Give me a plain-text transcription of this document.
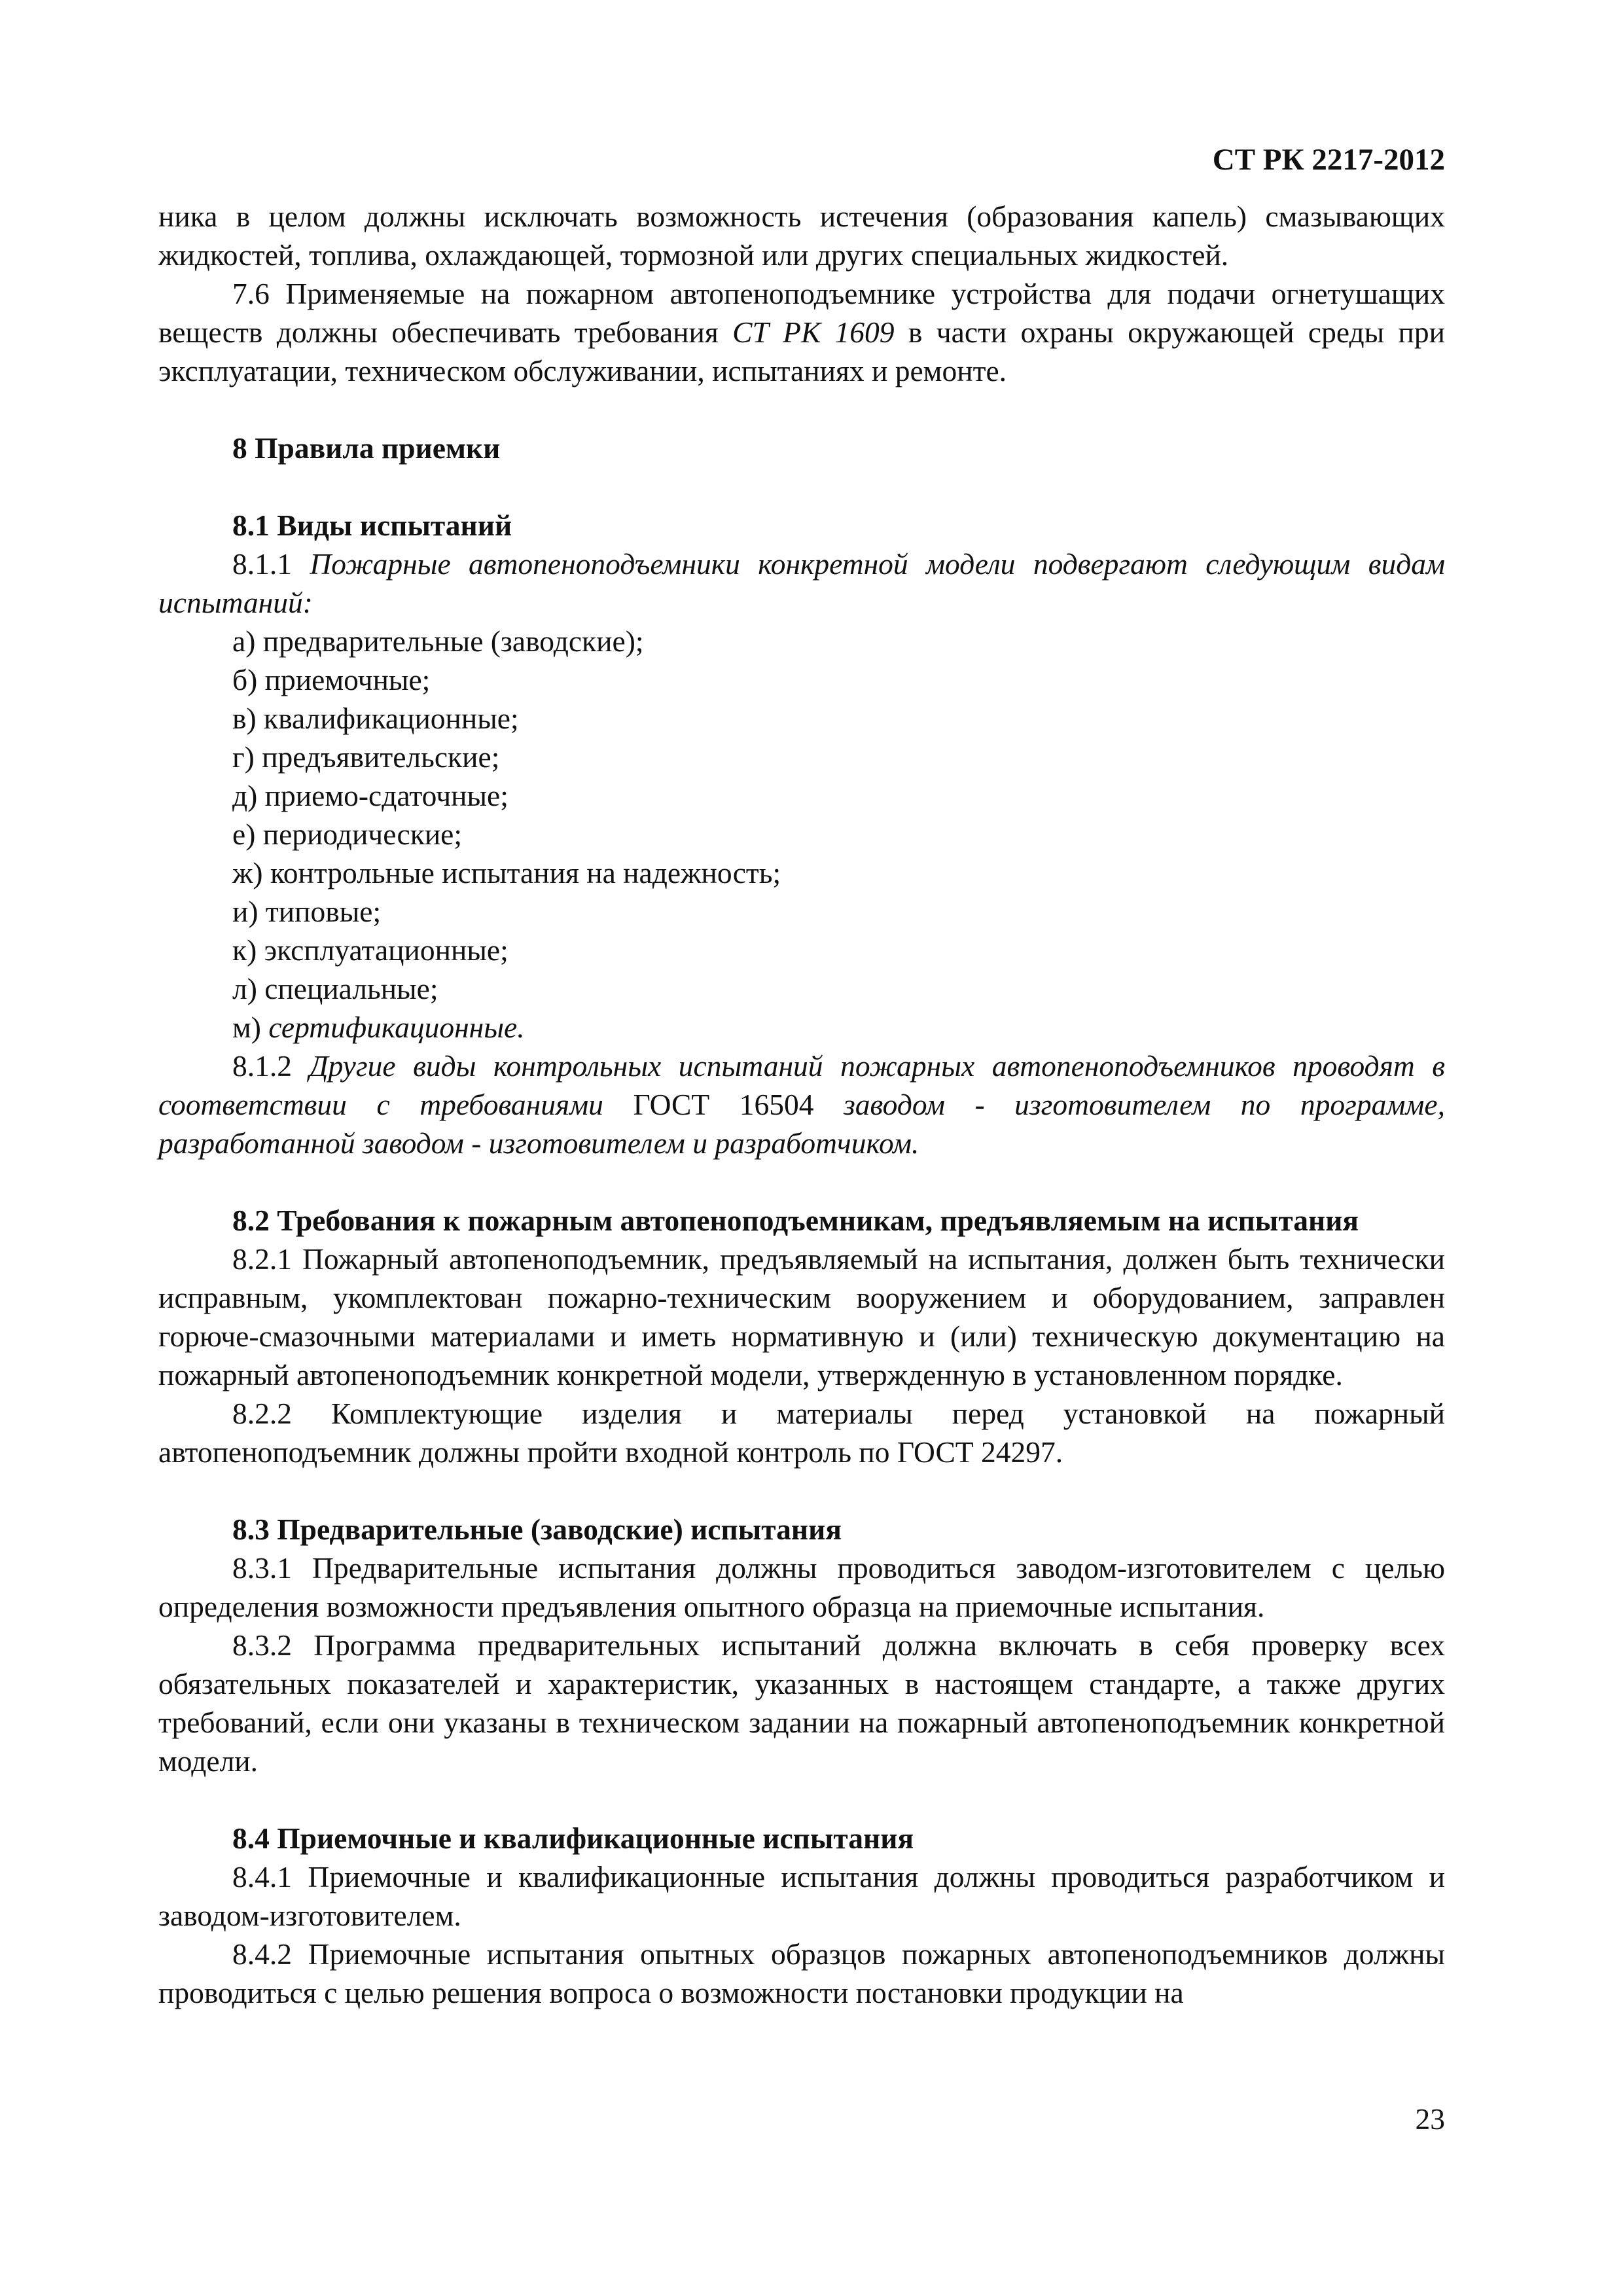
СТ РК 2217-2012

ника в целом должны исключать возможность истечения (образования капель) смазывающих жидкостей, топлива, охлаждающей, тормозной или других специальных жидкостей.

7.6 Применяемые на пожарном автопеноподъемнике устройства для подачи огнетушащих веществ должны обеспечивать требования СТ РК 1609 в части охраны окружающей среды при эксплуатации, техническом обслуживании, испытаниях и ремонте.

8 Правила приемки

8.1 Виды испытаний

8.1.1 Пожарные автопеноподъемники конкретной модели подвергают следующим видам испытаний:

а) предварительные (заводские);

б) приемочные;

в) квалификационные;

г) предъявительские;

д) приемо-сдаточные;

е) периодические;

ж) контрольные испытания на надежность;

и) типовые;

к) эксплуатационные;

л) специальные;

м) сертификационные.

8.1.2 Другие виды контрольных испытаний пожарных автопеноподъемников проводят в соответствии с требованиями ГОСТ 16504 заводом - изготовителем по программе, разработанной заводом - изготовителем и разработчиком.

8.2 Требования к пожарным автопеноподъемникам, предъявляемым на испытания

8.2.1 Пожарный автопеноподъемник, предъявляемый на испытания, должен быть технически исправным, укомплектован пожарно-техническим вооружением и оборудованием, заправлен горюче-смазочными материалами и иметь нормативную и (или) техническую документацию на пожарный автопеноподъемник конкретной модели, утвержденную в установленном порядке.

8.2.2 Комплектующие изделия и материалы перед установкой на пожарный автопеноподъемник должны пройти входной контроль по ГОСТ 24297.

8.3 Предварительные (заводские) испытания

8.3.1 Предварительные испытания должны проводиться заводом-изготовителем с целью определения возможности предъявления опытного образца на приемочные испытания.

8.3.2 Программа предварительных испытаний должна включать в себя проверку всех обязательных показателей и характеристик, указанных в настоящем стандарте, а также других требований, если они указаны в техническом задании на пожарный автопеноподъемник конкретной модели.

8.4 Приемочные и квалификационные испытания

8.4.1 Приемочные и квалификационные испытания должны проводиться разработчиком и заводом-изготовителем.

8.4.2 Приемочные испытания опытных образцов пожарных автопеноподъемников должны проводиться с целью решения вопроса о возможности постановки продукции на

23
